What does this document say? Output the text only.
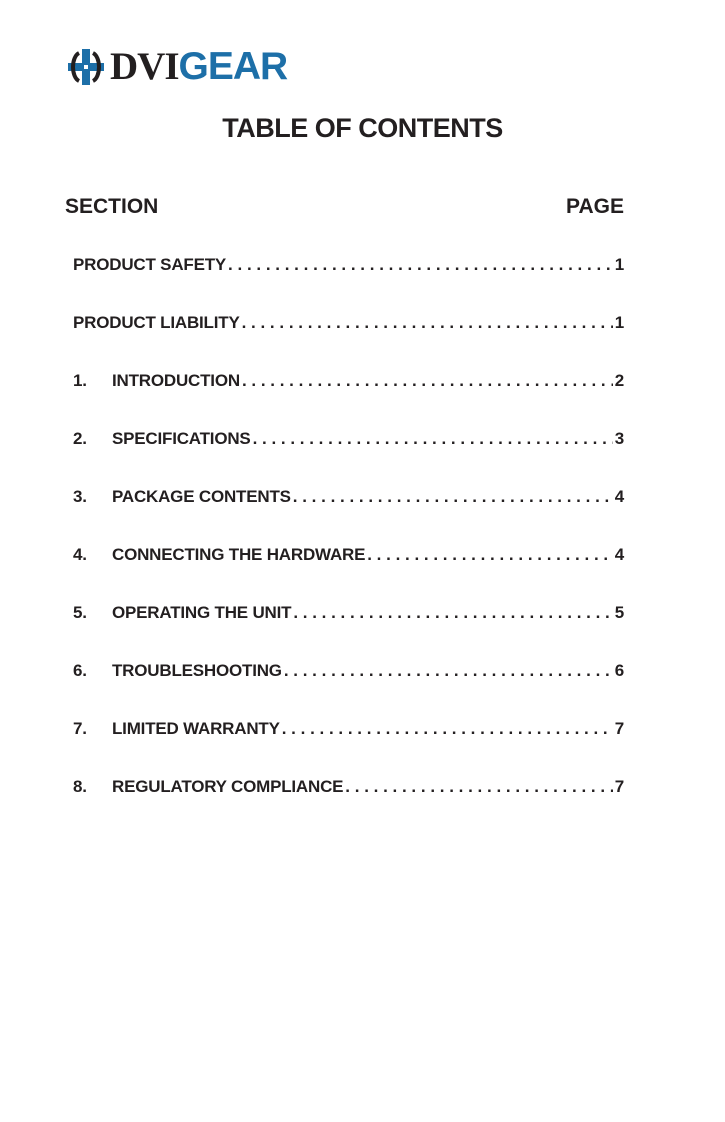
DVI GEAR
TABLE OF CONTENTS
SECTION	PAGE
PRODUCT SAFETY . . .	1
PRODUCT LIABILITY . . .	1
1.	INTRODUCTION . . .	2
2.	SPECIFICATIONS . . .	3
3.	PACKAGE CONTENTS . . .	4
4.	CONNECTING THE HARDWARE . . .	4
5.	OPERATING THE UNIT . . .	5
6.	TROUBLESHOOTING . . .	6
7.	LIMITED WARRANTY . . .	7
8.	REGULATORY COMPLIANCE . . .	7
